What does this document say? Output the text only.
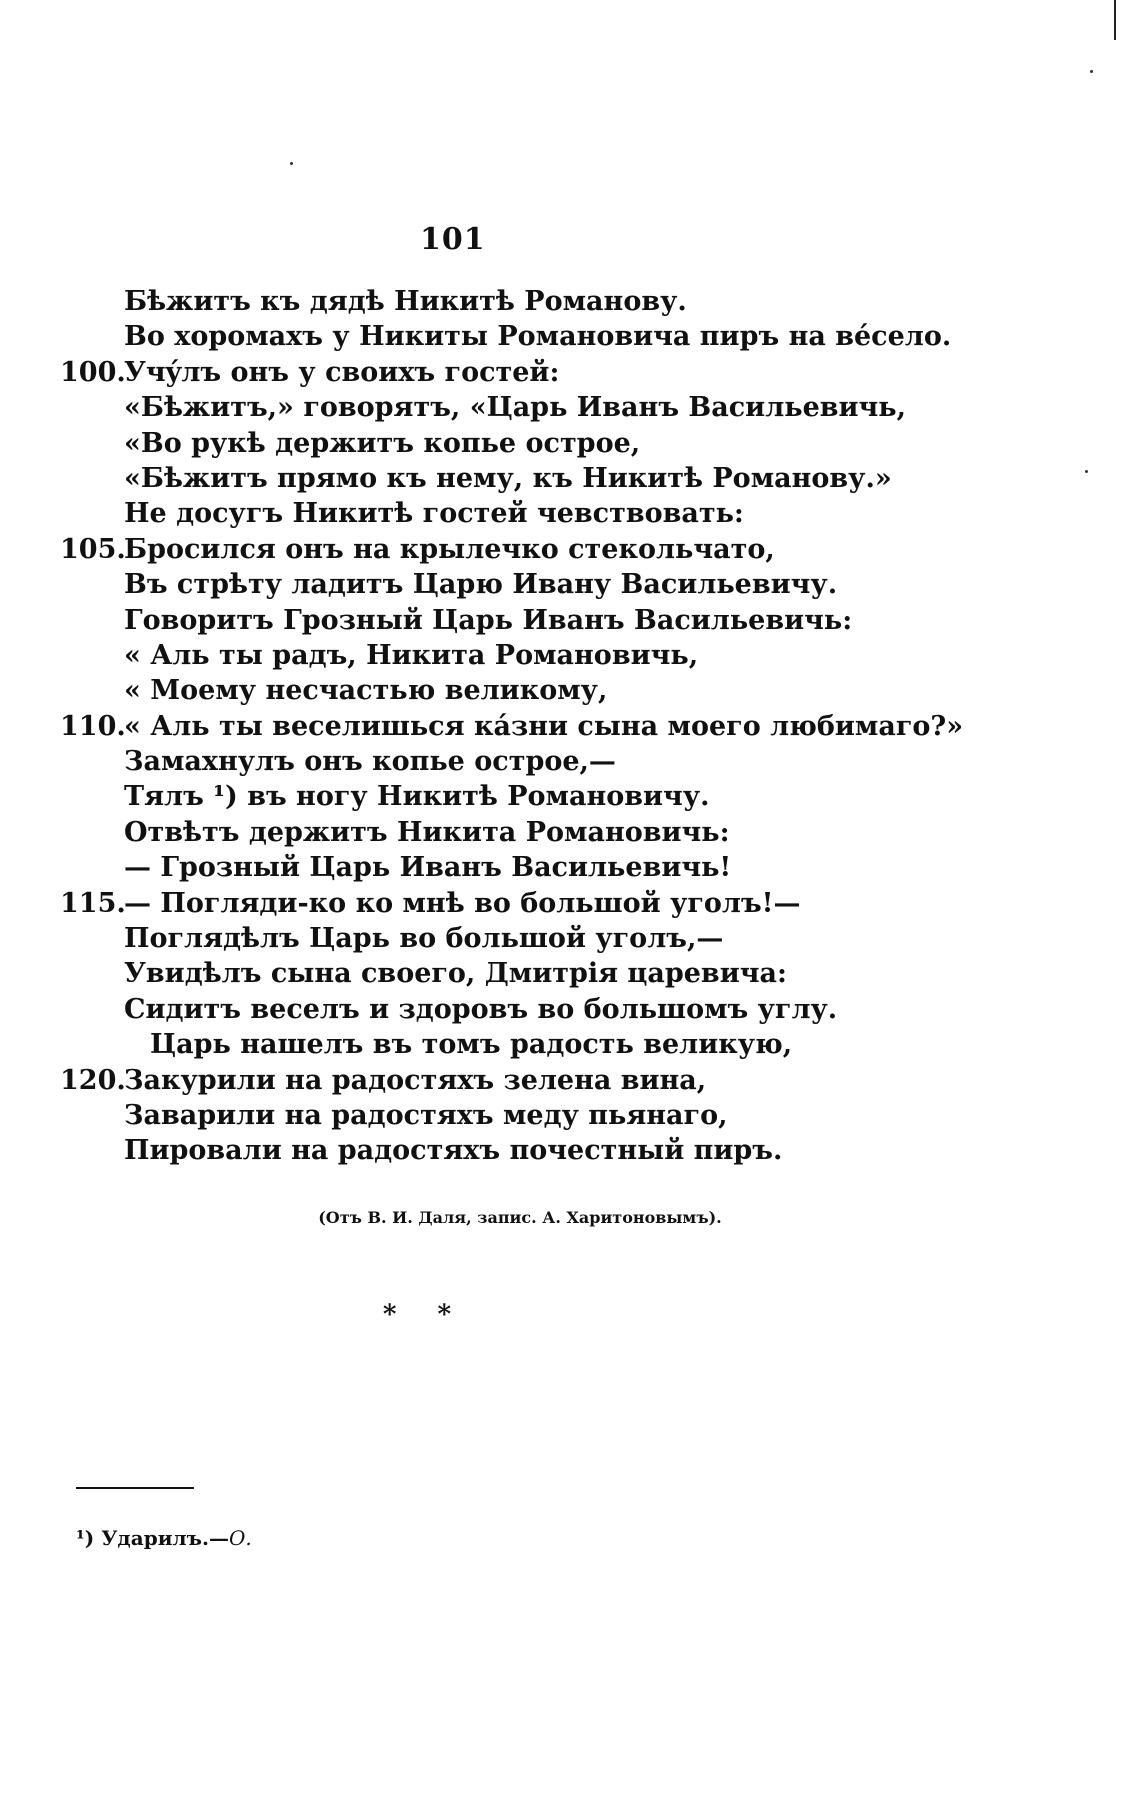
101
Бѣжитъ къ дядѣ Никитѣ Романову.
Во хоромахъ у Никиты Романовича пиръ на вéсело.
100.
Учýлъ онъ у своихъ гостей:
«Бѣжитъ,» говорятъ, «Царь Иванъ Васильевичь,
«Во рукѣ держитъ копье острое,
«Бѣжитъ прямо къ нему, къ Никитѣ Романову.»
Не досугъ Никитѣ гостей чевствовать:
105.
Бросился онъ на крылечко стекольчато,
Въ стрѣту ладитъ Царю Ивану Васильевичу.
Говоритъ Грозный Царь Иванъ Васильевичь:
« Аль ты радъ, Никита Романовичь,
« Моему несчастью великому,
110.
« Аль ты веселишься кáзни сына моего любимаго?»
Замахнулъ онъ копье острое,—
Тялъ ¹) въ ногу Никитѣ Романовичу.
Отвѣтъ держитъ Никита Романовичь:
— Грозный Царь Иванъ Васильевичь!
115.
— Погляди-ко ко мнѣ во большой уголъ!—
Поглядѣлъ Царь во большой уголъ,—
Увидѣлъ сына своего, Дмитрія царевича:
Сидитъ веселъ и здоровъ во большомъ углу.
Царь нашелъ въ томъ радость великую,
120.
Закурили на радостяхъ зелена вина,
Заварили на радостяхъ меду пьянаго,
Пировали на радостяхъ почестный пиръ.
(Отъ В. И. Даля, запис. А. Харитоновымъ).
* *
¹) Ударилъ.—О.
